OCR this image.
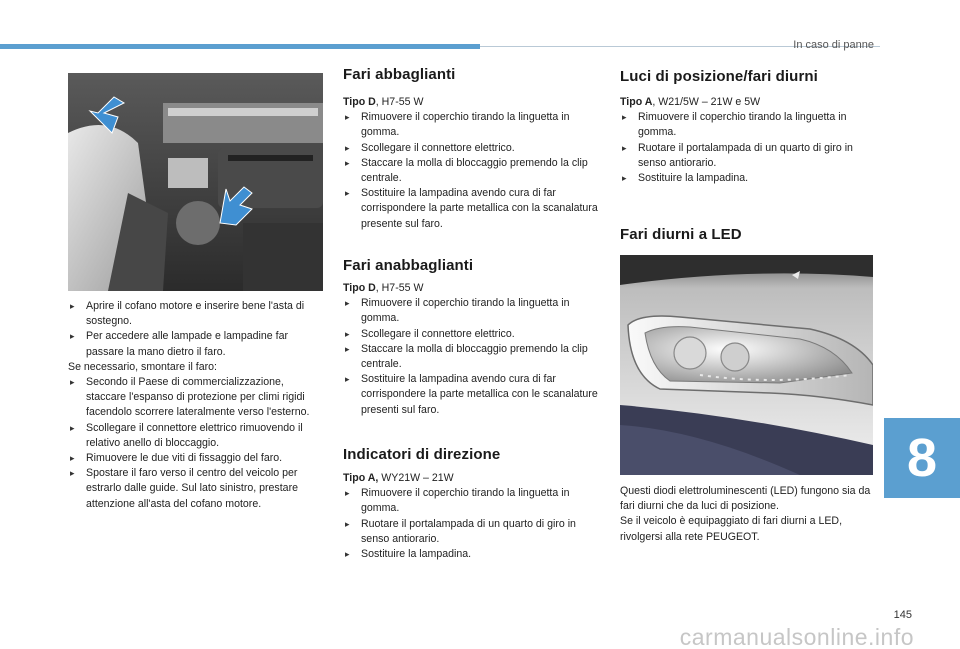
In caso di panne
8
▸ Aprire il cofano motore e inserire bene l'asta di sostegno.
▸ Per accedere alle lampade e lampadine far passare la mano dietro il faro.
Se necessario, smontare il faro:
▸ Secondo il Paese di commercializzazione, staccare l'espanso di protezione per climi rigidi facendolo scorrere lateralmente verso l'esterno.
▸ Scollegare il connettore elettrico rimuovendo il relativo anello di bloccaggio.
▸ Rimuovere le due viti di fissaggio del faro.
▸ Spostare il faro verso il centro del veicolo per estrarlo dalle guide. Sul lato sinistro, prestare attenzione all'asta del cofano motore.
Fari abbaglianti
Tipo D, H7-55 W
▸ Rimuovere il coperchio tirando la linguetta in gomma.
▸ Scollegare il connettore elettrico.
▸ Staccare la molla di bloccaggio premendo la clip centrale.
▸ Sostituire la lampadina avendo cura di far corrispondere la parte metallica con la scanalatura presente sul faro.
Fari anabbaglianti
Tipo D, H7-55 W
▸ Rimuovere il coperchio tirando la linguetta in gomma.
▸ Scollegare il connettore elettrico.
▸ Staccare la molla di bloccaggio premendo la clip centrale.
▸ Sostituire la lampadina avendo cura di far corrispondere la parte metallica con le scanalature presenti sul faro.
Indicatori di direzione
Tipo A, WY21W – 21W
▸ Rimuovere il coperchio tirando la linguetta in gomma.
▸ Ruotare il portalampada di un quarto di giro in senso antiorario.
▸ Sostituire la lampadina.
Luci di posizione/fari diurni
Tipo A, W21/5W – 21W e 5W
▸ Rimuovere il coperchio tirando la linguetta in gomma.
▸ Ruotare il portalampada di un quarto di giro in senso antiorario.
▸ Sostituire la lampadina.
Fari diurni a LED
Questi diodi elettroluminescenti (LED) fungono sia da fari diurni che da luci di posizione.
Se il veicolo è equipaggiato di fari diurni a LED, rivolgersi alla rete PEUGEOT.
145
carmanualsonline.info
